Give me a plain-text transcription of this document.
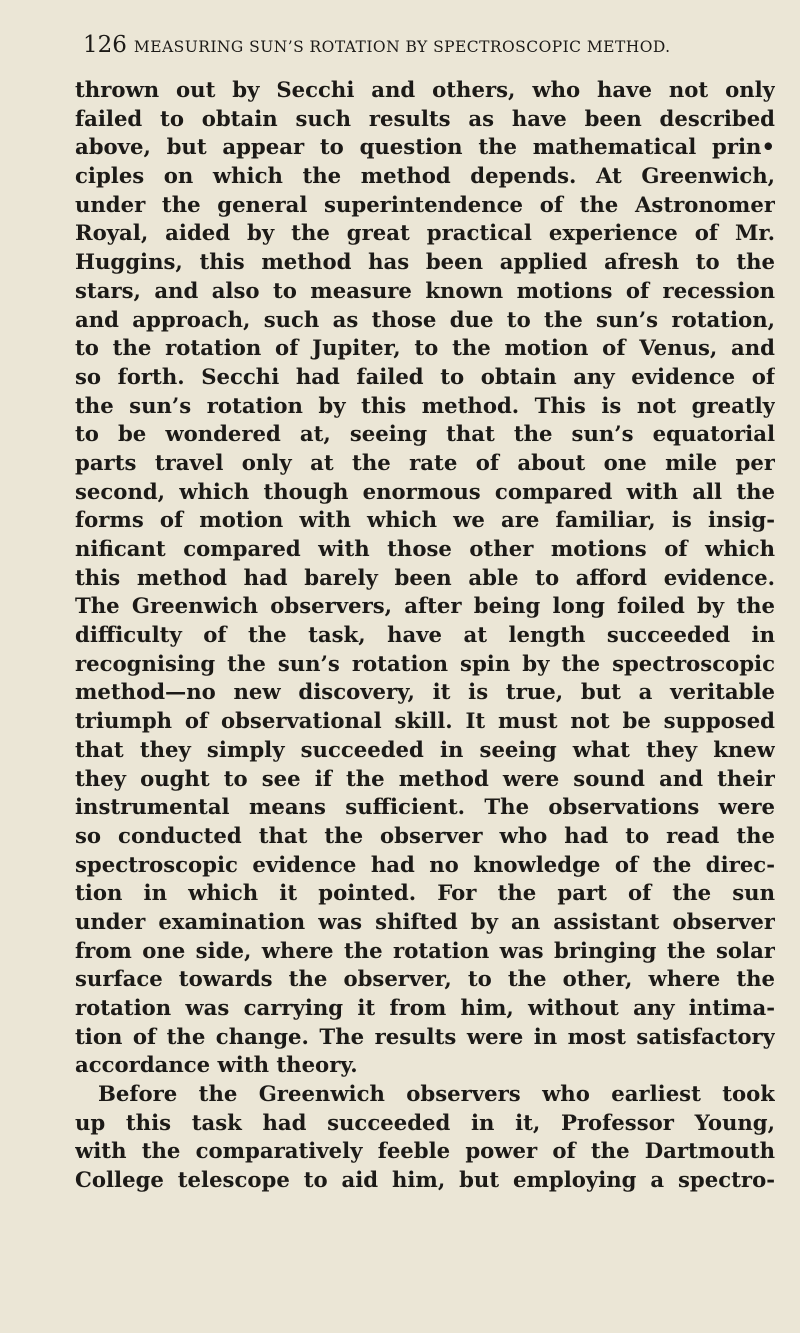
126 MEASURING SUN’S ROTATION BY SPECTROSCOPIC METHOD.
thrown out by Secchi and others, who have not only
failed to obtain such results as have been described
above, but appear to question the mathematical prin•
ciples on which the method depends. At Greenwich,
under the general superintendence of the Astronomer
Royal, aided by the great practical experience of Mr.
Huggins, this method has been applied afresh to the
stars, and also to measure known motions of recession
and approach, such as those due to the sun’s rotation,
to the rotation of Jupiter, to the motion of Venus, and
so forth. Secchi had failed to obtain any evidence of
the sun’s rotation by this method. This is not greatly
to be wondered at, seeing that the sun’s equatorial
parts travel only at the rate of about one mile per
second, which though enormous compared with all the
forms of motion with which we are familiar, is insig-
nificant compared with those other motions of which
this method had barely been able to afford evidence.
The Greenwich observers, after being long foiled by the
difficulty of the task, have at length succeeded in
recognising the sun’s rotation spin by the spectroscopic
method—no new discovery, it is true, but a veritable
triumph of observational skill. It must not be supposed
that they simply succeeded in seeing what they knew
they ought to see if the method were sound and their
instrumental means sufficient. The observations were
so conducted that the observer who had to read the
spectroscopic evidence had no knowledge of the direc-
tion in which it pointed. For the part of the sun
under examination was shifted by an assistant observer
from one side, where the rotation was bringing the solar
surface towards the observer, to the other, where the
rotation was carrying it from him, without any intima-
tion of the change. The results were in most satisfactory
accordance with theory.
Before the Greenwich observers who earliest took
up this task had succeeded in it, Professor Young,
with the comparatively feeble power of the Dartmouth
College telescope to aid him, but employing a spectro-
